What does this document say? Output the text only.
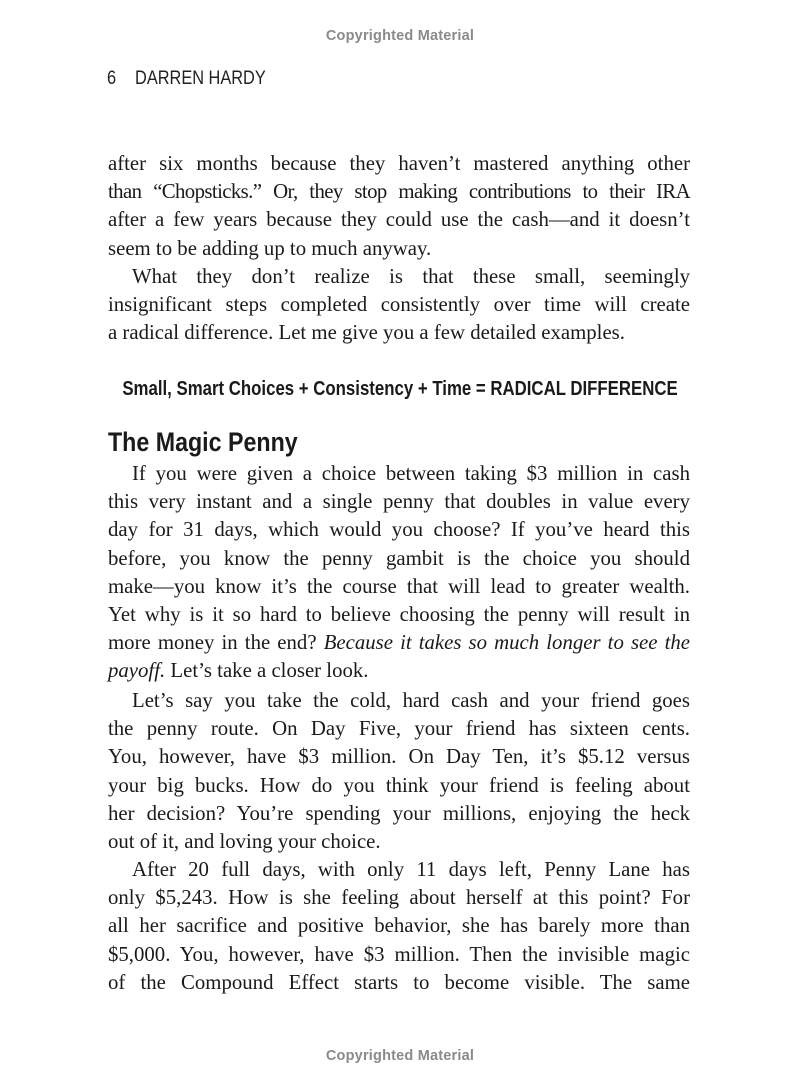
Copyrighted Material
6 DARREN HARDY
after six months because they haven’t mastered anything other
than “Chopsticks.” Or, they stop making contributions to their IRA
after a few years because they could use the cash—and it doesn’t
seem to be adding up to much anyway.
What they don’t realize is that these small, seemingly
insignificant steps completed consistently over time will create
a radical difference. Let me give you a few detailed examples.
Small, Smart Choices + Consistency + Time = RADICAL DIFFERENCE
The Magic Penny
If you were given a choice between taking $3 million in cash
this very instant and a single penny that doubles in value every
day for 31 days, which would you choose? If you’ve heard this
before, you know the penny gambit is the choice you should
make—you know it’s the course that will lead to greater wealth.
Yet why is it so hard to believe choosing the penny will result in
more money in the end? Because it takes so much longer to see the
payoff. Let’s take a closer look.
Let’s say you take the cold, hard cash and your friend goes
the penny route. On Day Five, your friend has sixteen cents.
You, however, have $3 million. On Day Ten, it’s $5.12 versus
your big bucks. How do you think your friend is feeling about
her decision? You’re spending your millions, enjoying the heck
out of it, and loving your choice.
After 20 full days, with only 11 days left, Penny Lane has
only $5,243. How is she feeling about herself at this point? For
all her sacrifice and positive behavior, she has barely more than
$5,000. You, however, have $3 million. Then the invisible magic
of the Compound Effect starts to become visible. The same
Copyrighted Material
